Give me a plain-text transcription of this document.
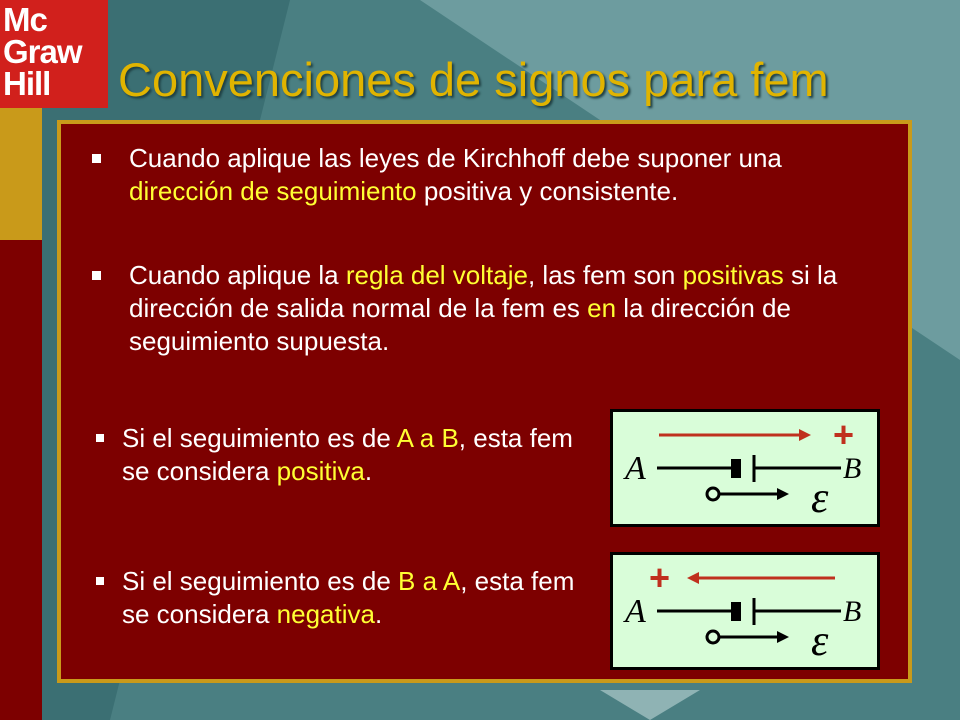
Mc
Graw
Hill	Convenciones de signos para fem
Cuando aplique las leyes de Kirchhoff debe suponer una dirección de seguimiento positiva y consistente.
Cuando aplique la regla del voltaje, las fem son positivas si la dirección de salida normal de la fem es en la dirección de seguimiento supuesta.
Si el seguimiento es de A a B, esta fem se considera positiva.
Si el seguimiento es de B a A, esta fem se considera negativa.
A	B
+
ε
A	B
+
ε
